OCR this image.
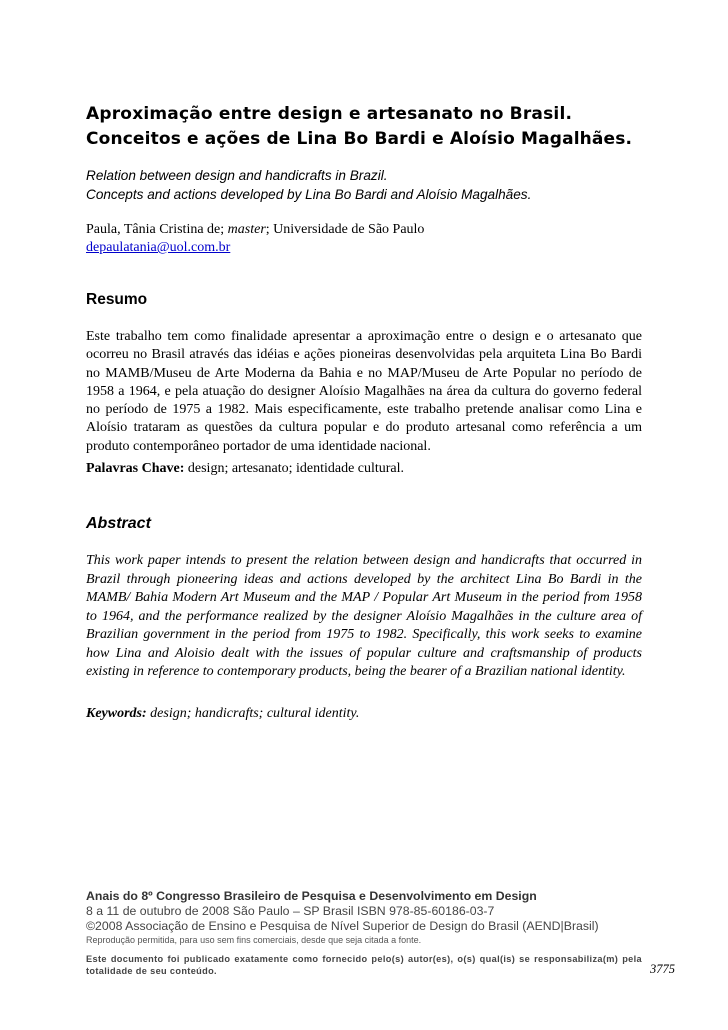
Aproximação entre design e artesanato no Brasil.
Conceitos e ações de Lina Bo Bardi e Aloísio Magalhães.
Relation between design and handicrafts in Brazil.
Concepts and actions developed by Lina Bo Bardi and Aloísio Magalhães.
Paula, Tânia Cristina de; master; Universidade de São Paulo
depaulatania@uol.com.br
Resumo
Este trabalho tem como finalidade apresentar a aproximação entre o design e o artesanato que ocorreu no Brasil através das idéias e ações pioneiras desenvolvidas pela arquiteta Lina Bo Bardi no MAMB/Museu de Arte Moderna da Bahia e no MAP/Museu de Arte Popular no período de 1958 a 1964, e pela atuação do designer Aloísio Magalhães na área da cultura do governo federal no período de 1975 a 1982. Mais especificamente, este trabalho pretende analisar como Lina e Aloísio trataram as questões da cultura popular e do produto artesanal como referência a um produto contemporâneo portador de uma identidade nacional.
Palavras Chave: design; artesanato; identidade cultural.
Abstract
This work paper intends to present the relation between design and handicrafts that occurred in Brazil through pioneering ideas and actions developed by the architect Lina Bo Bardi in the MAMB/ Bahia Modern Art Museum and the MAP / Popular Art Museum in the period from 1958 to 1964, and the performance realized by the designer Aloísio Magalhães in the culture area of Brazilian government in the period from 1975 to 1982. Specifically, this work seeks to examine how Lina and Aloisio dealt with the issues of popular culture and craftsmanship of products existing in reference to contemporary products, being the bearer of a Brazilian national identity.
Keywords: design; handicrafts; cultural identity.
Anais do 8º Congresso Brasileiro de Pesquisa e Desenvolvimento em Design
8 a 11 de outubro de 2008 São Paulo – SP Brasil ISBN 978-85-60186-03-7
©2008 Associação de Ensino e Pesquisa de Nível Superior de Design do Brasil (AEND|Brasil)
Reprodução permitida, para uso sem fins comerciais, desde que seja citada a fonte.
Este documento foi publicado exatamente como fornecido pelo(s) autor(es), o(s) qual(is) se responsabiliza(m) pela totalidade de seu conteúdo.	3775
